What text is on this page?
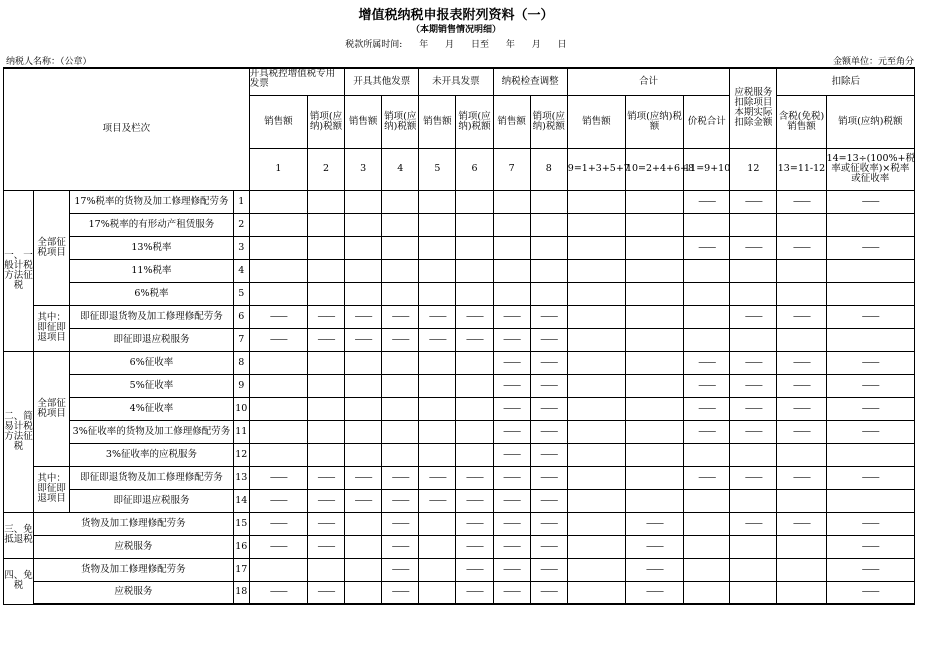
增值税纳税申报表附列资料（一）
（本期销售情况明细）
税款所属时间: 年 月 日至 年 月 日
纳税人名称：（公章）	金额单位：元至角分
项目及栏次				开具税控增值税专用发票		开具其他发票		未开具发票		纳税检查调整		合计			应税服务扣除项目本期实际扣除金额	扣除后	
				销售额	销项(应纳)税额	销售额	销项(应纳)税额	销售额	销项(应纳)税额	销售额	销项(应纳)税额	销售额	销项(应纳)税额	价税合计		含税(免税)销售额	销项(应纳)税额
				1	2	3	4	5	6	7	8	9=1+3+5+7	10=2+4+6+8	11=9+10	12	13=11-12	14=13÷(100%+税率或征收率)×税率或征收率
一、一般计税方法征税	全部征税项目	17%税率的货物及加工修理修配劳务	1											——	——	——	——
		17%税率的有形动产租赁服务	2														
		13%税率	3											——	——	——	——
		11%税率	4														
		6%税率	5														
	其中：即征即退项目	即征即退货物及加工修理修配劳务	6	——	——	——	——	——	——	——	——				——	——	——
		即征即退应税服务	7	——	——	——	——	——	——	——	——						
二、简易计税方法征税	全部征税项目	6%征收率	8							——	——			——	——	——	——
		5%征收率	9							——	——			——	——	——	——
		4%征收率	10							——	——			——	——	——	——
		3%征收率的货物及加工修理修配劳务	11							——	——			——	——	——	——
		3%征收率的应税服务	12							——	——						
	其中：即征即退项目	即征即退货物及加工修理修配劳务	13	——	——	——	——	——	——	——	——			——	——	——	——
		即征即退应税服务	14	——	——	——	——	——	——	——	——						
三、免抵退税	货物及加工修理修配劳务		15	——	——		——		——	——	——		——		——	——	——
	应税服务		16	——	——		——		——	——	——		——				——
四、免税	货物及加工修理修配劳务		17				——		——	——	——		——				——
	应税服务		18	——	——		——		——	——	——		——				——
